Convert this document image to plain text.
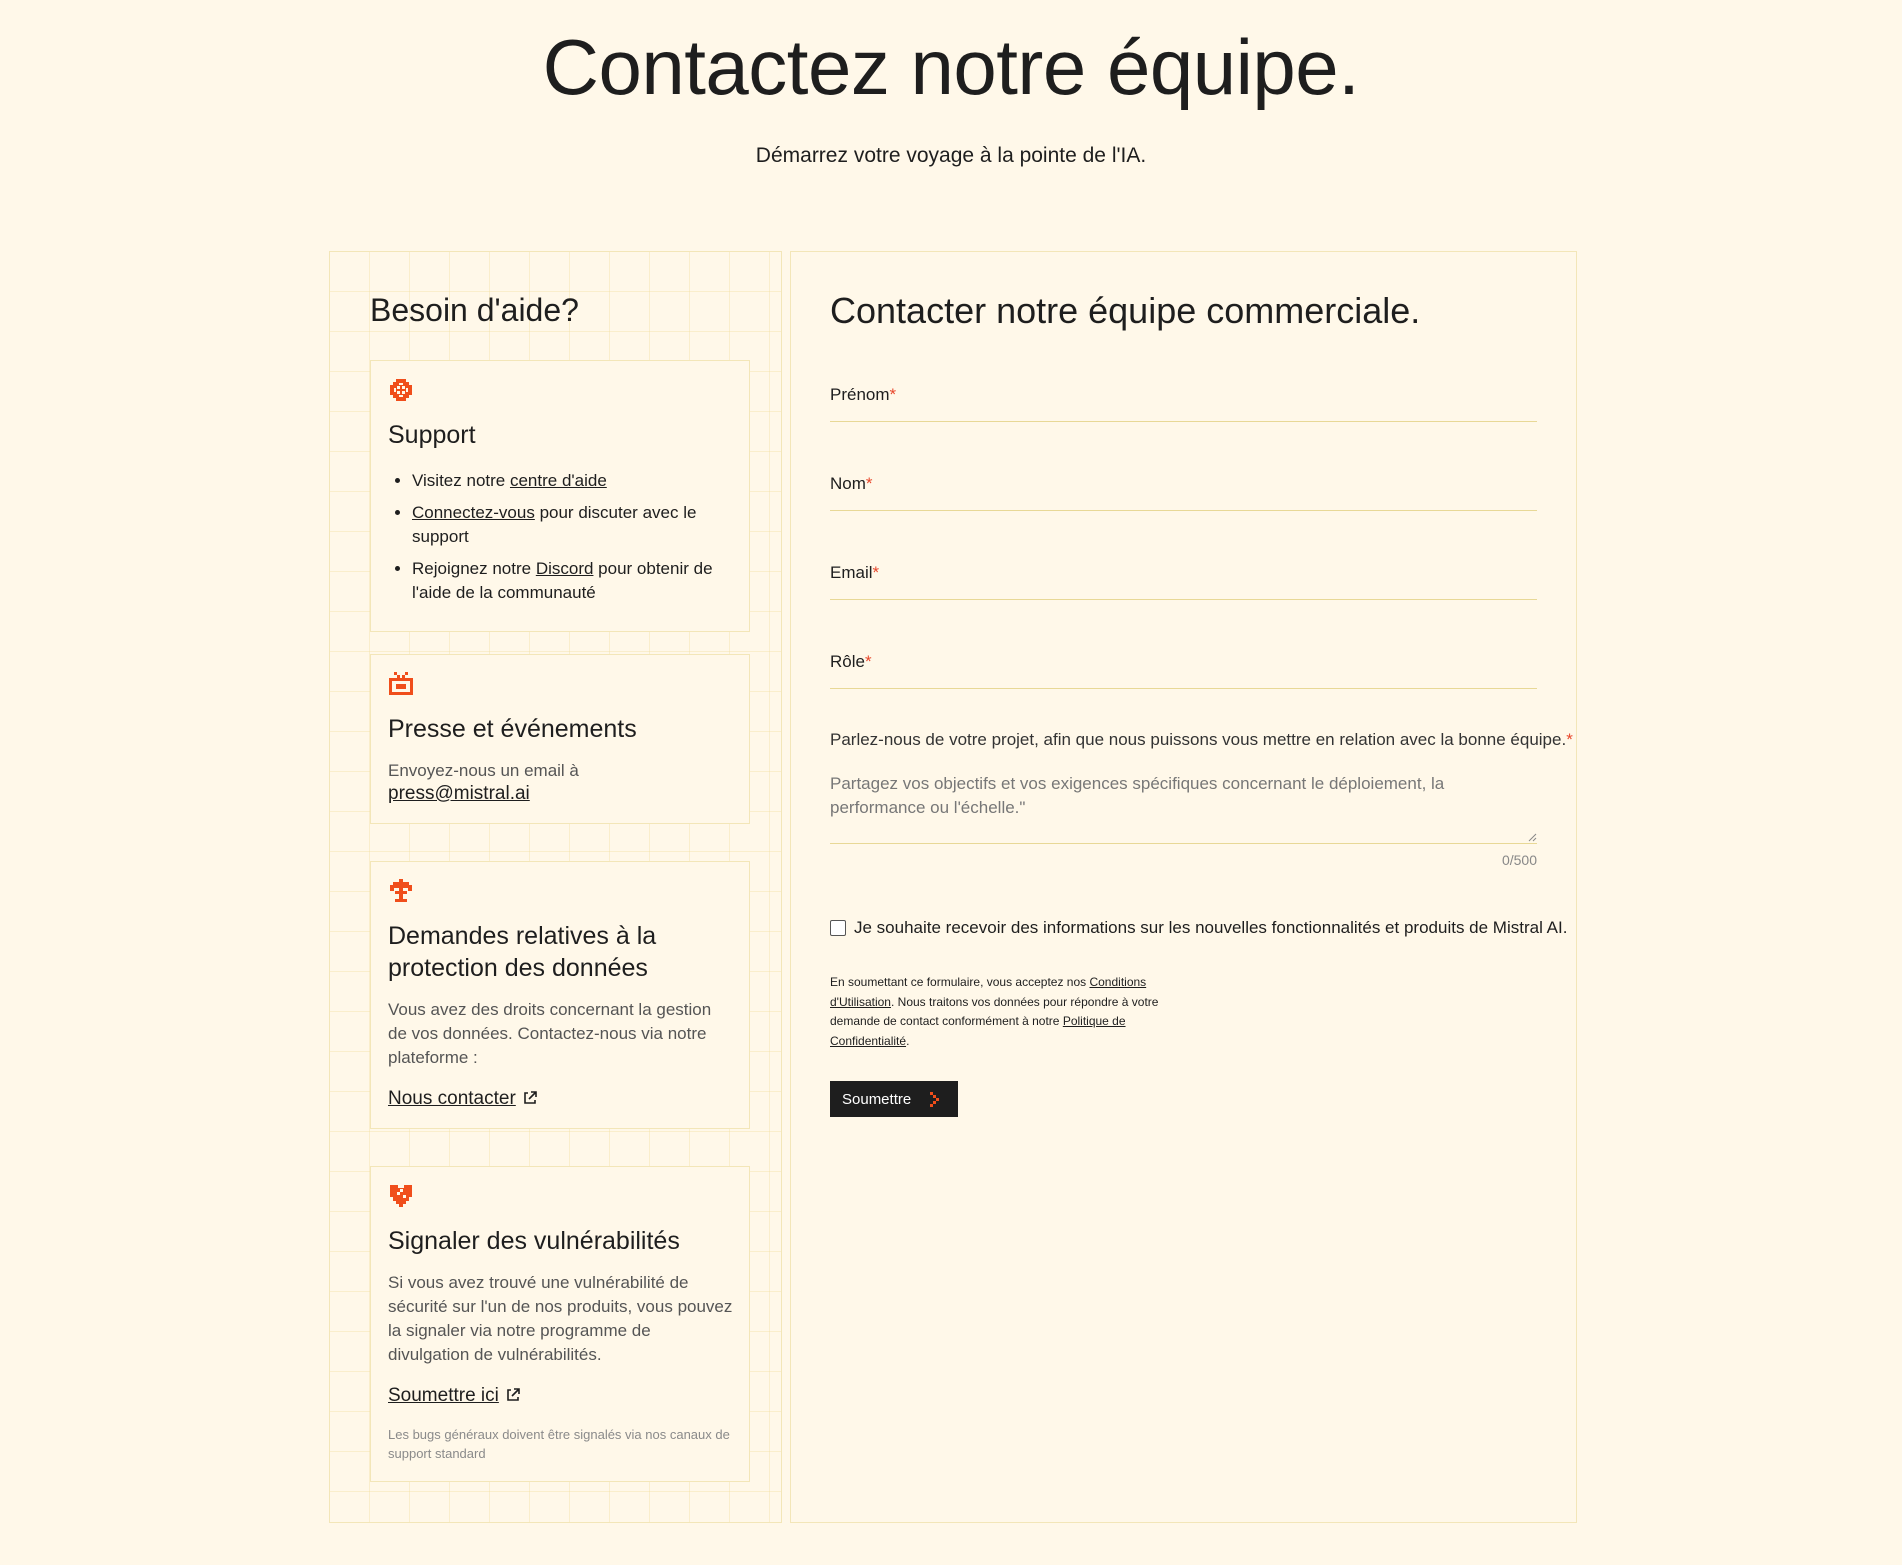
Contactez notre équipe.

Démarrez votre voyage à la pointe de l'IA.

Besoin d'aide?
Support
• Visitez notre centre d'aide
• Connectez-vous pour discuter avec le support
• Rejoignez notre Discord pour obtenir de l'aide de la communauté
Presse et événements

Envoyez-nous un email à

press@mistral.ai
Demandes relatives à la protection des données

Vous avez des droits concernant la gestion de vos données. Contactez-nous via notre plateforme :

Nous contacter
Signaler des vulnérabilités

Si vous avez trouvé une vulnérabilité de sécurité sur l'un de nos produits, vous pouvez la signaler via notre programme de divulgation de vulnérabilités.

Soumettre ici

Les bugs généraux doivent être signalés via nos canaux de support standard

Contacter notre équipe commerciale.
Prénom*
Nom*
Email*
Rôle*
Parlez-nous de votre projet, afin que nous puissons vous mettre en relation avec la bonne équipe.*
Partagez vos objectifs et vos exigences spécifiques concernant le déploiement, la performance ou l'échelle."
0/500
Je souhaite recevoir des informations sur les nouvelles fonctionnalités et produits de Mistral AI.

En soumettant ce formulaire, vous acceptez nos Conditions d'Utilisation. Nous traitons vos données pour répondre à votre demande de contact conformément à notre Politique de Confidentialité.

Soumettre
